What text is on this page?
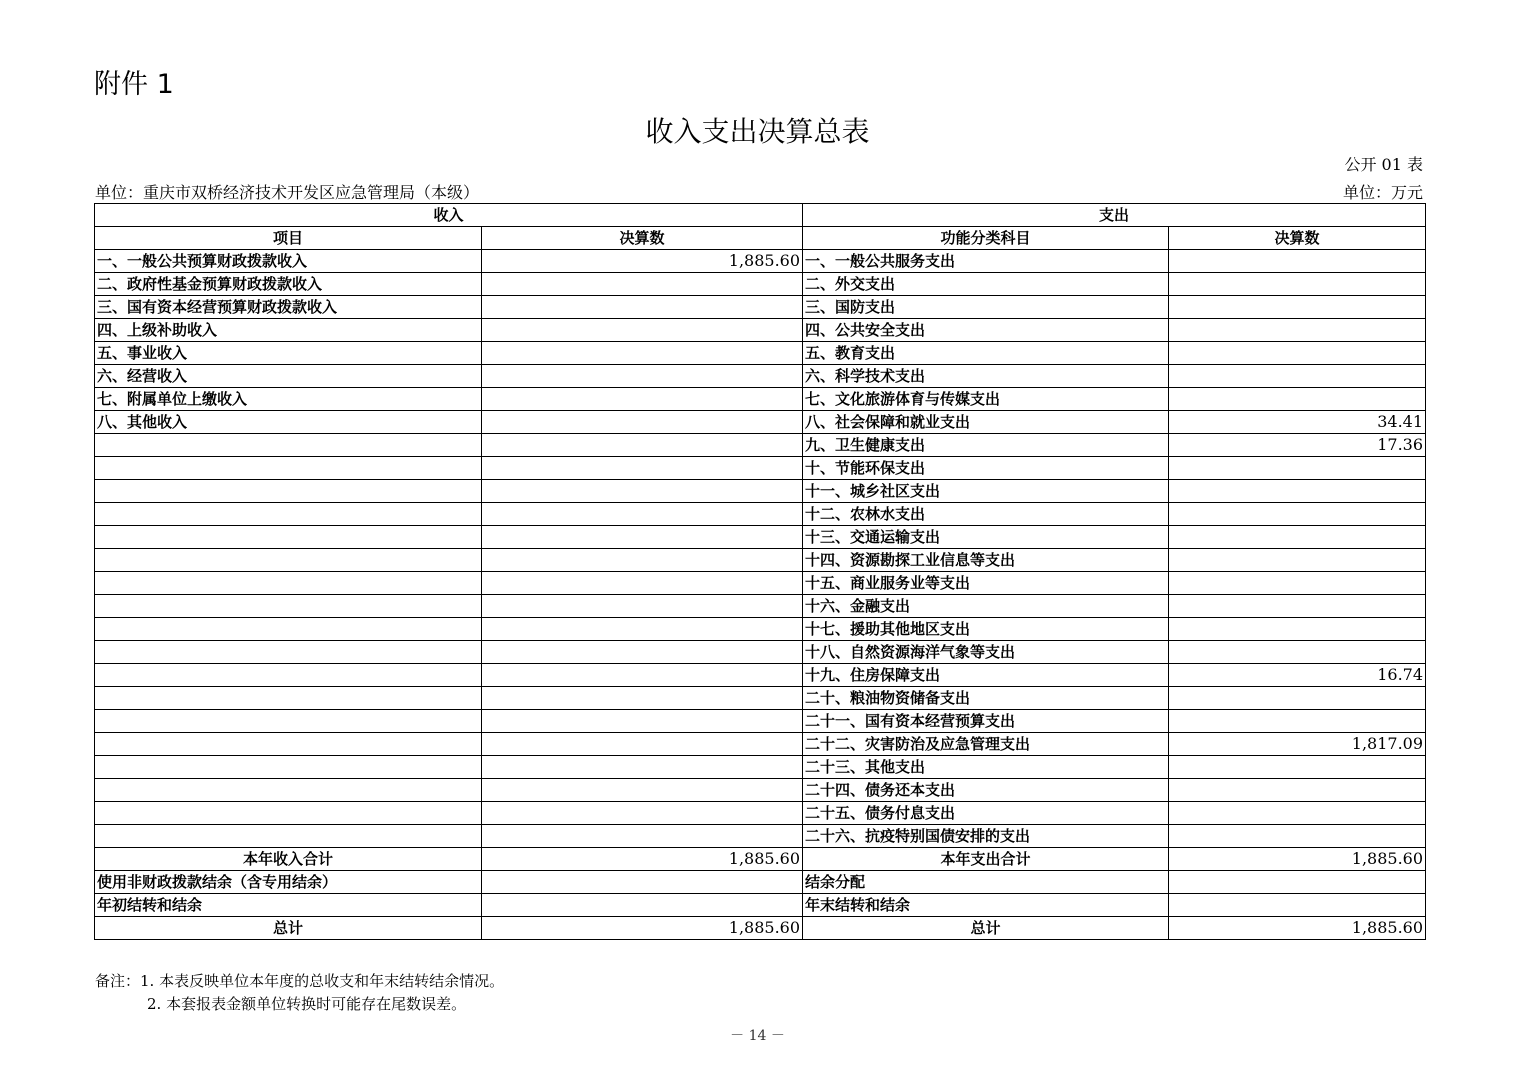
附件 1
收入支出决算总表
公开 01 表
单位：重庆市双桥经济技术开发区应急管理局（本级）	单位：万元
收入		支出	
项目	决算数	功能分类科目	决算数
一、一般公共预算财政拨款收入	1,885.60	一、一般公共服务支出	
二、政府性基金预算财政拨款收入		二、外交支出	
三、国有资本经营预算财政拨款收入		三、国防支出	
四、上级补助收入		四、公共安全支出	
五、事业收入		五、教育支出	
六、经营收入		六、科学技术支出	
七、附属单位上缴收入		七、文化旅游体育与传媒支出	
八、其他收入		八、社会保障和就业支出	34.41
		九、卫生健康支出	17.36
		十、节能环保支出	
		十一、城乡社区支出	
		十二、农林水支出	
		十三、交通运输支出	
		十四、资源勘探工业信息等支出	
		十五、商业服务业等支出	
		十六、金融支出	
		十七、援助其他地区支出	
		十八、自然资源海洋气象等支出	
		十九、住房保障支出	16.74
		二十、粮油物资储备支出	
		二十一、国有资本经营预算支出	
		二十二、灾害防治及应急管理支出	1,817.09
		二十三、其他支出	
		二十四、债务还本支出	
		二十五、债务付息支出	
		二十六、抗疫特别国债安排的支出	
本年收入合计	1,885.60	本年支出合计	1,885.60
使用非财政拨款结余（含专用结余）		结余分配	
年初结转和结余		年末结转和结余	
总计	1,885.60	总计	1,885.60
备注：1. 本表反映单位本年度的总收支和年末结转结余情况。
2. 本套报表金额单位转换时可能存在尾数误差。
－ 14 －
